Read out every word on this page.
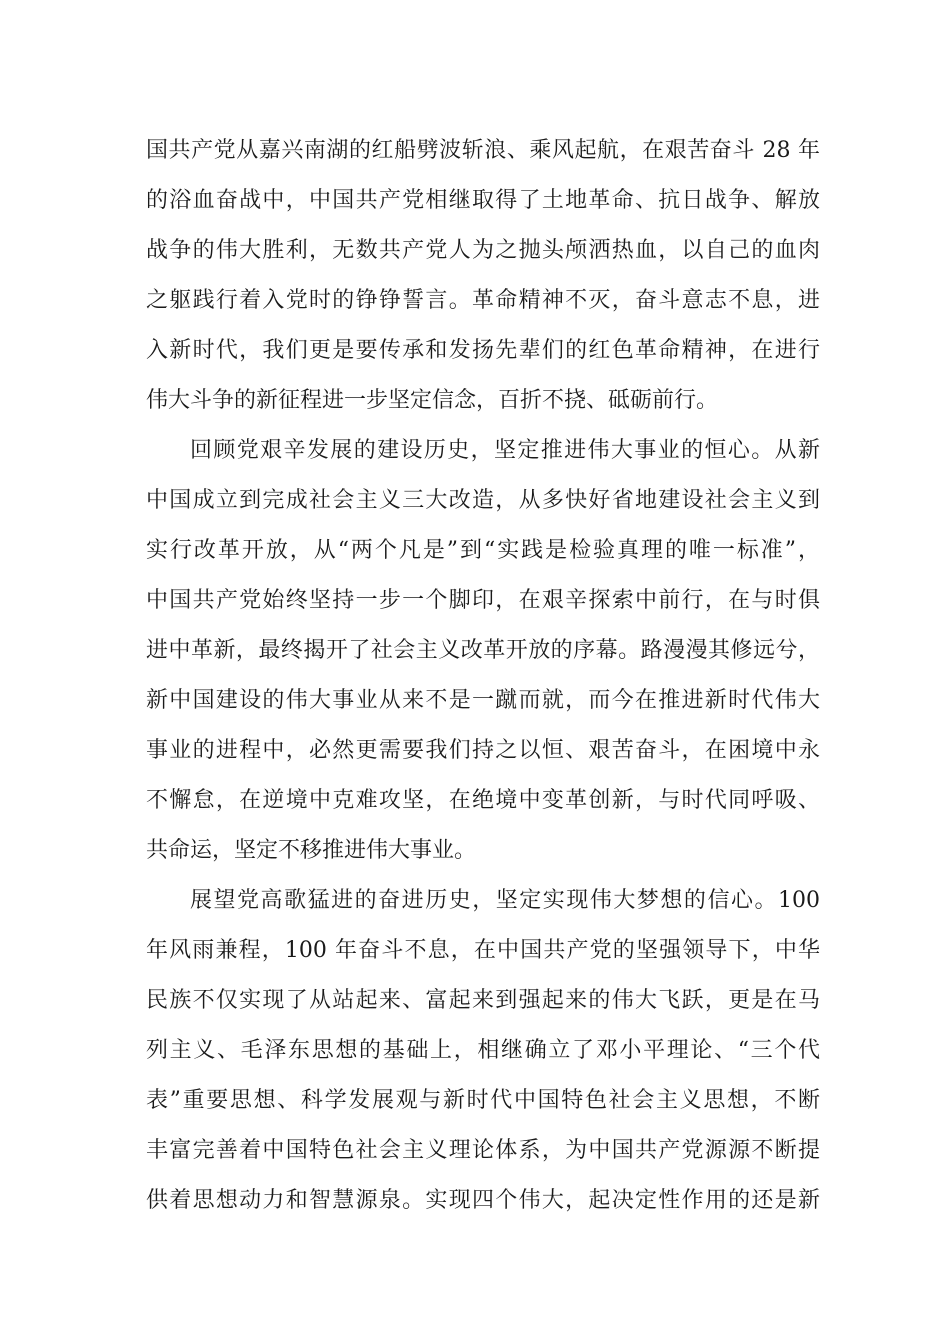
国共产党从嘉兴南湖的红船劈波斩浪、乘风起航，在艰苦奋斗 28 年
的浴血奋战中，中国共产党相继取得了土地革命、抗日战争、解放
战争的伟大胜利，无数共产党人为之抛头颅洒热血，以自己的血肉
之躯践行着入党时的铮铮誓言。革命精神不灭，奋斗意志不息，进
入新时代，我们更是要传承和发扬先辈们的红色革命精神，在进行
伟大斗争的新征程进一步坚定信念，百折不挠、砥砺前行。
回顾党艰辛发展的建设历史，坚定推进伟大事业的恒心。从新
中国成立到完成社会主义三大改造，从多快好省地建设社会主义到
实行改革开放，从“两个凡是”到“实践是检验真理的唯一标准”，
中国共产党始终坚持一步一个脚印，在艰辛探索中前行，在与时俱
进中革新，最终揭开了社会主义改革开放的序幕。路漫漫其修远兮，
新中国建设的伟大事业从来不是一蹴而就，而今在推进新时代伟大
事业的进程中，必然更需要我们持之以恒、艰苦奋斗，在困境中永
不懈怠，在逆境中克难攻坚，在绝境中变革创新，与时代同呼吸、
共命运，坚定不移推进伟大事业。
展望党高歌猛进的奋进历史，坚定实现伟大梦想的信心。100
年风雨兼程，100 年奋斗不息，在中国共产党的坚强领导下，中华
民族不仅实现了从站起来、富起来到强起来的伟大飞跃，更是在马
列主义、毛泽东思想的基础上，相继确立了邓小平理论、“三个代
表”重要思想、科学发展观与新时代中国特色社会主义思想，不断
丰富完善着中国特色社会主义理论体系，为中国共产党源源不断提
供着思想动力和智慧源泉。实现四个伟大，起决定性作用的还是新
